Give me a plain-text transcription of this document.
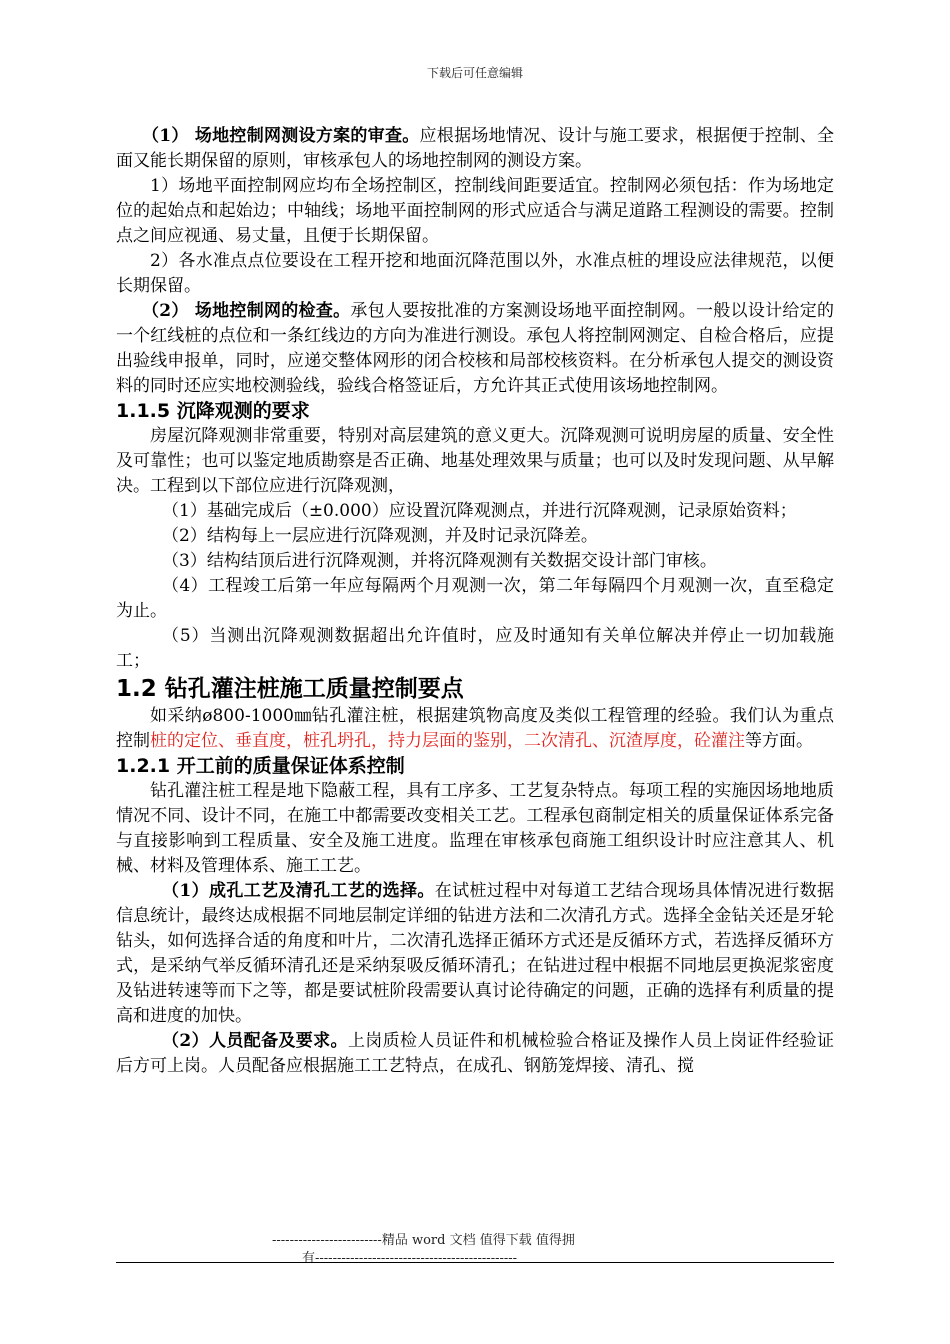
下载后可任意编辑

（1） 场地控制网测设方案的审查。应根据场地情况、设计与施工要求，根据便于控制、全面又能长期保留的原则，审核承包人的场地控制网的测设方案。

1）场地平面控制网应均布全场控制区，控制线间距要适宜。控制网必须包括：作为场地定位的起始点和起始边；中轴线；场地平面控制网的形式应适合与满足道路工程测设的需要。控制点之间应视通、易丈量，且便于长期保留。

2）各水准点点位要设在工程开挖和地面沉降范围以外，水准点桩的埋设应法律规范，以便长期保留。

（2） 场地控制网的检查。承包人要按批准的方案测设场地平面控制网。一般以设计给定的一个红线桩的点位和一条红线边的方向为准进行测设。承包人将控制网测定、自检合格后，应提出验线申报单，同时，应递交整体网形的闭合校核和局部校核资料。在分析承包人提交的测设资料的同时还应实地校测验线，验线合格签证后，方允许其正式使用该场地控制网。

1.1.5 沉降观测的要求

房屋沉降观测非常重要，特别对高层建筑的意义更大。沉降观测可说明房屋的质量、安全性及可靠性；也可以鉴定地质勘察是否正确、地基处理效果与质量；也可以及时发现问题、从早解决。工程到以下部位应进行沉降观测，

（1）基础完成后（±0.000）应设置沉降观测点，并进行沉降观测，记录原始资料；

（2）结构每上一层应进行沉降观测，并及时记录沉降差。

（3）结构结顶后进行沉降观测，并将沉降观测有关数据交设计部门审核。

（4）工程竣工后第一年应每隔两个月观测一次，第二年每隔四个月观测一次，直至稳定为止。

（5）当测出沉降观测数据超出允许值时，应及时通知有关单位解决并停止一切加载施工；

1.2 钻孔灌注桩施工质量控制要点

如采纳ø800-1000㎜钻孔灌注桩，根据建筑物高度及类似工程管理的经验。我们认为重点控制桩的定位、垂直度，桩孔坍孔，持力层面的鉴别，二次清孔、沉渣厚度，砼灌注等方面。

1.2.1 开工前的质量保证体系控制

钻孔灌注桩工程是地下隐蔽工程，具有工序多、工艺复杂特点。每项工程的实施因场地地质情况不同、设计不同，在施工中都需要改变相关工艺。工程承包商制定相关的质量保证体系完备与直接影响到工程质量、安全及施工进度。监理在审核承包商施工组织设计时应注意其人、机械、材料及管理体系、施工工艺。

（1）成孔工艺及清孔工艺的选择。在试桩过程中对每道工艺结合现场具体情况进行数据信息统计，最终达成根据不同地层制定详细的钻进方法和二次清孔方式。选择全金钻关还是牙轮钻头，如何选择合适的角度和叶片，二次清孔选择正循环方式还是反循环方式，若选择反循环方式，是采纳气举反循环清孔还是采纳泵吸反循环清孔；在钻进过程中根据不同地层更换泥浆密度及钻进转速等而下之等，都是要试桩阶段需要认真讨论待确定的问题，正确的选择有利质量的提高和进度的加快。

（2）人员配备及要求。上岗质检人员证件和机械检验合格证及操作人员上岗证件经验证后方可上岗。人员配备应根据施工工艺特点，在成孔、钢筋笼焊接、清孔、搅

-------------------------精品 word 文档 值得下载 值得拥
有----------------------------------------------
